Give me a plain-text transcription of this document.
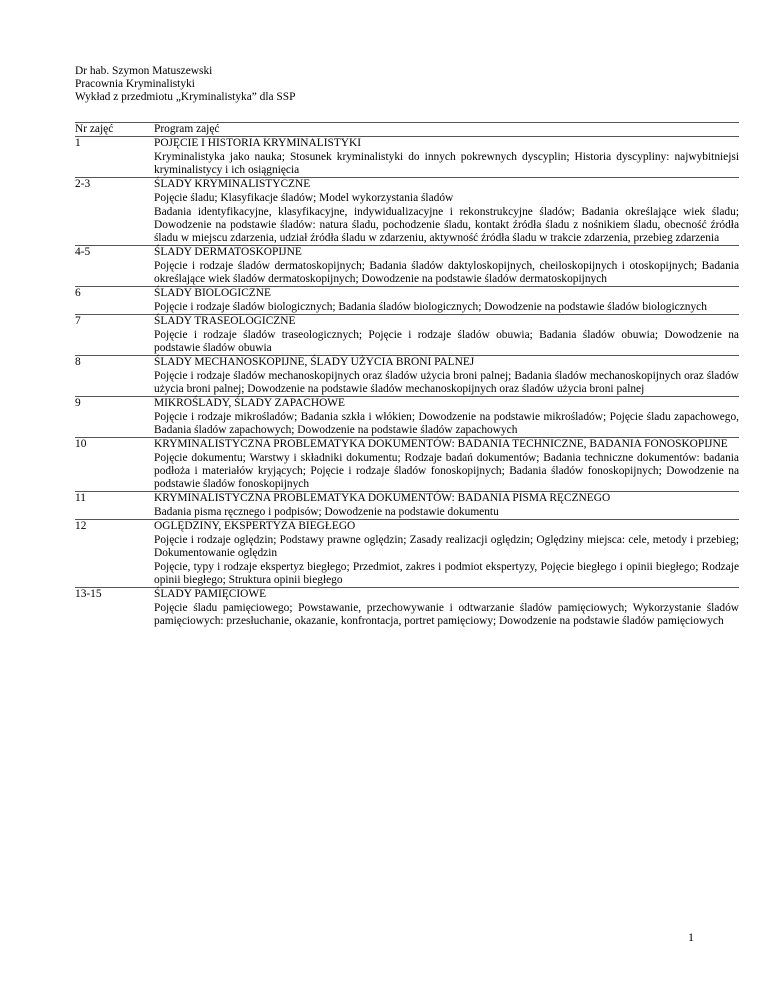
Dr hab. Szymon Matuszewski
Pracownia Kryminalistyki
Wykład z przedmiotu „Kryminalistyka” dla SSP
Nr zajęć	Program zajęć
1	POJĘCIE I HISTORIA KRYMINALISTYKI
Kryminalistyka jako nauka; Stosunek kryminalistyki do innych pokrewnych dyscyplin; Historia dyscypliny: najwybitniejsi kryminalistycy i ich osiągnięcia

2-3	ŚLADY KRYMINALISTYCZNE
Pojęcie śladu; Klasyfikacje śladów; Model wykorzystania śladów
Badania identyfikacyjne, klasyfikacyjne, indywidualizacyjne i rekonstrukcyjne śladów; Badania określające wiek śladu; Dowodzenie na podstawie śladów: natura śladu, pochodzenie śladu, kontakt źródła śladu z nośnikiem śladu, obecność źródła śladu w miejscu zdarzenia, udział źródła śladu w zdarzeniu, aktywność źródła śladu w trakcie zdarzenia, przebieg zdarzenia

4-5	ŚLADY DERMATOSKOPIJNE
Pojęcie i rodzaje śladów dermatoskopijnych; Badania śladów daktyloskopijnych, cheiloskopijnych i otoskopijnych; Badania określające wiek śladów dermatoskopijnych; Dowodzenie na podstawie śladów dermatoskopijnych

6	ŚLADY BIOLOGICZNE
Pojęcie i rodzaje śladów biologicznych; Badania śladów biologicznych; Dowodzenie na podstawie śladów biologicznych

7	ŚLADY TRASEOLOGICZNE
Pojęcie i rodzaje śladów traseologicznych; Pojęcie i rodzaje śladów obuwia; Badania śladów obuwia; Dowodzenie na podstawie śladów obuwia

8	ŚLADY MECHANOSKOPIJNE, ŚLADY UŻYCIA BRONI PALNEJ
Pojęcie i rodzaje śladów mechanoskopijnych oraz śladów użycia broni palnej; Badania śladów mechanoskopijnych oraz śladów użycia broni palnej; Dowodzenie na podstawie śladów mechanoskopijnych oraz śladów użycia broni palnej

9	MIKROŚLADY, ŚLADY ZAPACHOWE
Pojęcie i rodzaje mikrośladów; Badania szkła i włókien; Dowodzenie na podstawie mikrośladów; Pojęcie śladu zapachowego, Badania śladów zapachowych; Dowodzenie na podstawie śladów zapachowych

10	KRYMINALISTYCZNA PROBLEMATYKA DOKUMENTÓW: BADANIA TECHNICZNE, BADANIA FONOSKOPIJNE
Pojęcie dokumentu; Warstwy i składniki dokumentu; Rodzaje badań dokumentów; Badania techniczne dokumentów: badania podłoża i materiałów kryjących; Pojęcie i rodzaje śladów fonoskopijnych; Badania śladów fonoskopijnych; Dowodzenie na podstawie śladów fonoskopijnych

11	KRYMINALISTYCZNA PROBLEMATYKA DOKUMENTÓW: BADANIA PISMA RĘCZNEGO
Badania pisma ręcznego i podpisów; Dowodzenie na podstawie dokumentu

12	OGLĘDZINY, EKSPERTYZA BIEGŁEGO
Pojęcie i rodzaje oględzin; Podstawy prawne oględzin; Zasady realizacji oględzin; Oględziny miejsca: cele, metody i przebieg; Dokumentowanie oględzin
Pojęcie, typy i rodzaje ekspertyz biegłego; Przedmiot, zakres i podmiot ekspertyzy, Pojęcie biegłego i opinii biegłego; Rodzaje opinii biegłego; Struktura opinii biegłego

13-15	ŚLADY PAMIĘCIOWE
Pojęcie śladu pamięciowego; Powstawanie, przechowywanie i odtwarzanie śladów pamięciowych; Wykorzystanie śladów pamięciowych: przesłuchanie, okazanie, konfrontacja, portret pamięciowy; Dowodzenie na podstawie śladów pamięciowych
1
